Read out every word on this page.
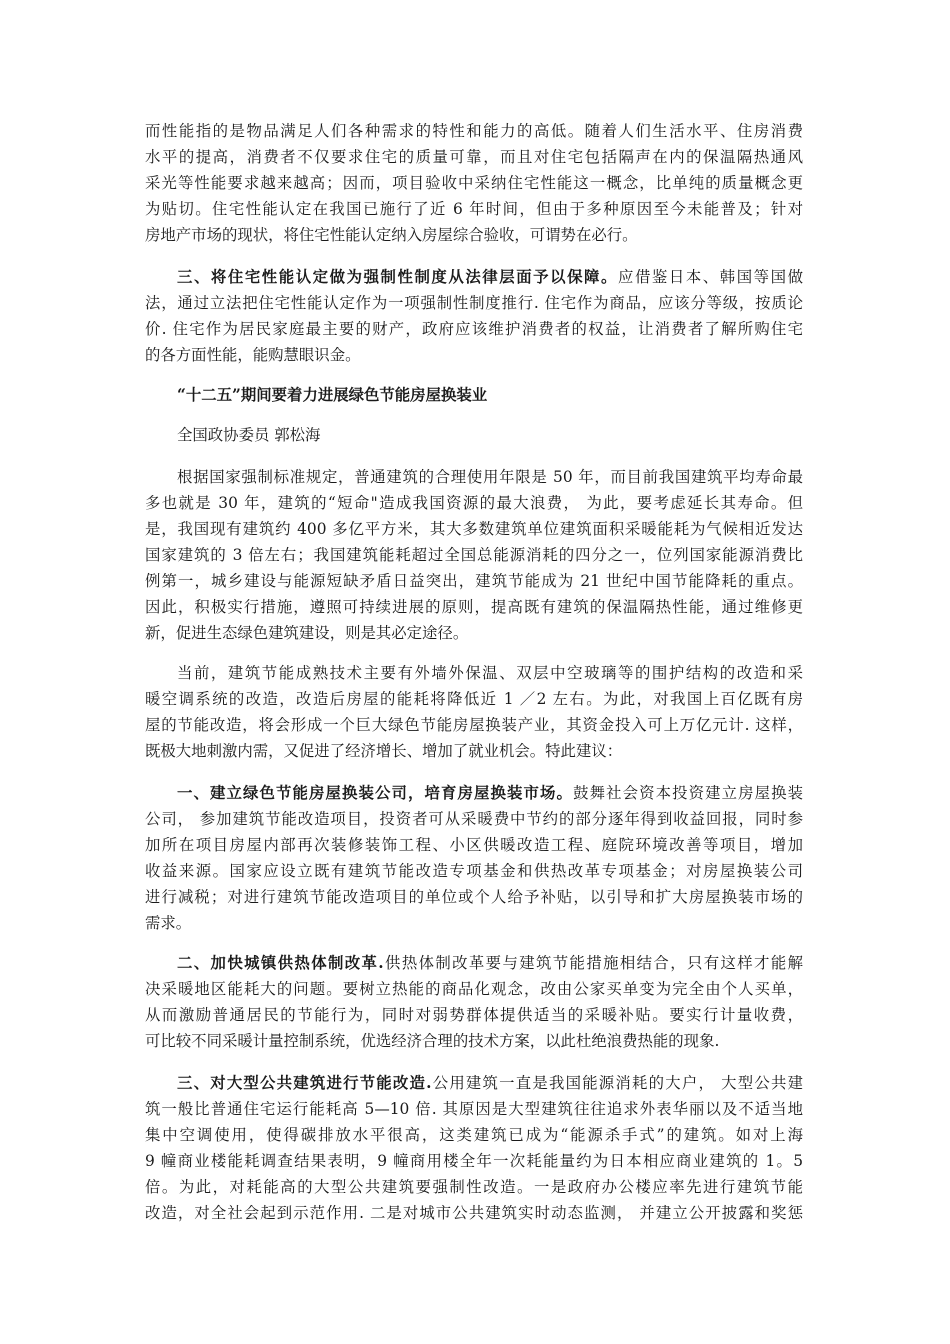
而性能指的是物品满足人们各种需求的特性和能力的高低。随着人们生活水平、住房消费
水平的提高，消费者不仅要求住宅的质量可靠，而且对住宅包括隔声在内的保温隔热通风
采光等性能要求越来越高；因而，项目验收中采纳住宅性能这一概念，比单纯的质量概念更
为贴切。住宅性能认定在我国已施行了近 6 年时间，但由于多种原因至今未能普及；针对
房地产市场的现状，将住宅性能认定纳入房屋综合验收，可谓势在必行。
三、将住宅性能认定做为强制性制度从法律层面予以保障。应借鉴日本、韩国等国做
法，通过立法把住宅性能认定作为一项强制性制度推行. 住宅作为商品，应该分等级，按质论
价. 住宅作为居民家庭最主要的财产，政府应该维护消费者的权益，让消费者了解所购住宅
的各方面性能，能购慧眼识金。
“十二五”期间要着力进展绿色节能房屋换装业
全国政协委员 郭松海
根据国家强制标准规定，普通建筑的合理使用年限是 50 年，而目前我国建筑平均寿命最
多也就是 30 年，建筑的“短命"造成我国资源的最大浪费， 为此，要考虑延长其寿命。但
是，我国现有建筑约 400 多亿平方米，其大多数建筑单位建筑面积采暖能耗为气候相近发达
国家建筑的 3 倍左右；我国建筑能耗超过全国总能源消耗的四分之一，位列国家能源消费比
例第一，城乡建设与能源短缺矛盾日益突出，建筑节能成为 21 世纪中国节能降耗的重点。
因此，积极实行措施，遵照可持续进展的原则，提高既有建筑的保温隔热性能，通过维修更
新，促进生态绿色建筑建设，则是其必定途径。
当前，建筑节能成熟技术主要有外墙外保温、双层中空玻璃等的围护结构的改造和采
暖空调系统的改造，改造后房屋的能耗将降低近 1 ／2 左右。为此，对我国上百亿既有房
屋的节能改造，将会形成一个巨大绿色节能房屋换装产业，其资金投入可上万亿元计. 这样，
既极大地刺激内需，又促进了经济增长、增加了就业机会。特此建议：
一、建立绿色节能房屋换装公司，培育房屋换装市场。鼓舞社会资本投资建立房屋换装
公司， 参加建筑节能改造项目，投资者可从采暖费中节约的部分逐年得到收益回报，同时参
加所在项目房屋内部再次装修装饰工程、小区供暖改造工程、庭院环境改善等项目，增加
收益来源。国家应设立既有建筑节能改造专项基金和供热改革专项基金；对房屋换装公司
进行减税；对进行建筑节能改造项目的单位或个人给予补贴，以引导和扩大房屋换装市场的
需求。
二、加快城镇供热体制改革.供热体制改革要与建筑节能措施相结合，只有这样才能解
决采暖地区能耗大的问题。要树立热能的商品化观念，改由公家买单变为完全由个人买单，
从而激励普通居民的节能行为，同时对弱势群体提供适当的采暖补贴。要实行计量收费，
可比较不同采暖计量控制系统，优选经济合理的技术方案，以此杜绝浪费热能的现象.
三、对大型公共建筑进行节能改造.公用建筑一直是我国能源消耗的大户， 大型公共建
筑一般比普通住宅运行能耗高 5—10 倍. 其原因是大型建筑往往追求外表华丽以及不适当地
集中空调使用，使得碳排放水平很高，这类建筑已成为“能源杀手式”的建筑。如对上海
9 幢商业楼能耗调查结果表明，9 幢商用楼全年一次耗能量约为日本相应商业建筑的 1。5
倍。为此，对耗能高的大型公共建筑要强制性改造。一是政府办公楼应率先进行建筑节能
改造，对全社会起到示范作用. 二是对城市公共建筑实时动态监测， 并建立公开披露和奖惩
